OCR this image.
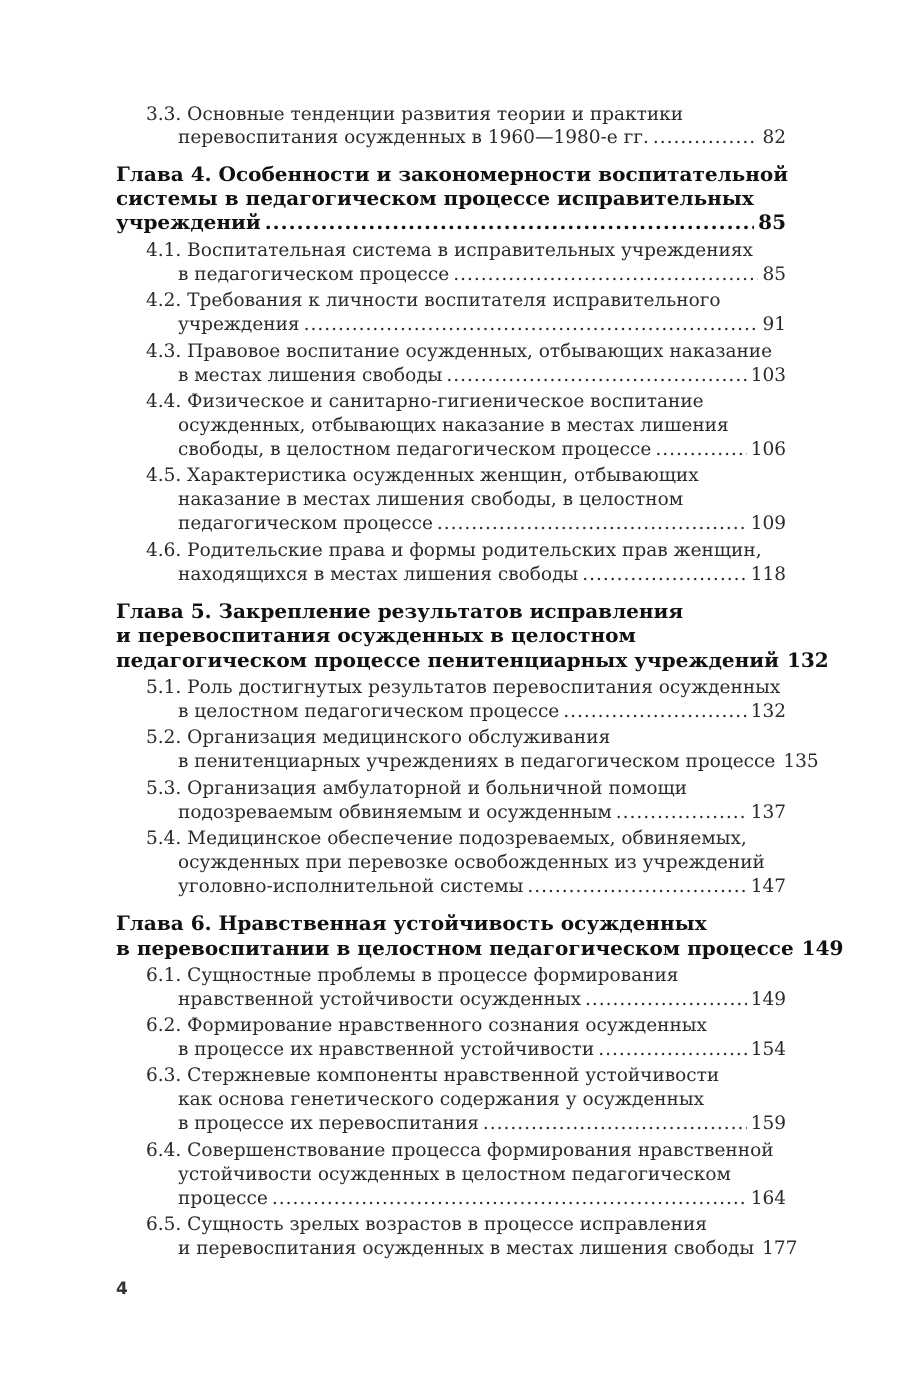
4
3.3. Основные тенденции развития теории и практики
перевоспитания осужденных в 1960—1980-е гг. .....	82
Глава 4. Особенности и закономерности воспитательной
системы в педагогическом процессе исправительных
учреждений .....	85
4.1. Воспитательная система в исправительных учреждениях
в педагогическом процессе .....	85
4.2. Требования к личности воспитателя исправительного
учреждения .....	91
4.3. Правовое воспитание осужденных, отбывающих наказание
в местах лишения свободы .....	103
4.4. Физическое и санитарно-гигиеническое воспитание
осужденных, отбывающих наказание в местах лишения
свободы, в целостном педагогическом процессе .....	106
4.5. Характеристика осужденных женщин, отбывающих
наказание в местах лишения свободы, в целостном
педагогическом процессе .....	109
4.6. Родительские права и формы родительских прав женщин,
находящихся в местах лишения свободы .....	118
Глава 5. Закрепление результатов исправления
и перевоспитания осужденных в целостном
педагогическом процессе пенитенциарных учреждений 132
5.1. Роль достигнутых результатов перевоспитания осужденных
в целостном педагогическом процессе .....	132
5.2. Организация медицинского обслуживания
в пенитенциарных учреждениях в педагогическом процессе 135
5.3. Организация амбулаторной и больничной помощи
подозреваемым обвиняемым и осужденным .....	137
5.4. Медицинское обеспечение подозреваемых, обвиняемых,
осужденных при перевозке освобожденных из учреждений
уголовно-исполнительной системы .....	147
Глава 6. Нравственная устойчивость осужденных
в перевоспитании в целостном педагогическом процессе 149
6.1. Сущностные проблемы в процессе формирования
нравственной устойчивости осужденных .....	149
6.2. Формирование нравственного сознания осужденных
в процессе их нравственной устойчивости .....	154
6.3. Стержневые компоненты нравственной устойчивости
как основа генетического содержания у осужденных
в процессе их перевоспитания .....	159
6.4. Совершенствование процесса формирования нравственной
устойчивости осужденных в целостном педагогическом
процессе .....	164
6.5. Сущность зрелых возрастов в процессе исправления
и перевоспитания осужденных в местах лишения свободы 177
